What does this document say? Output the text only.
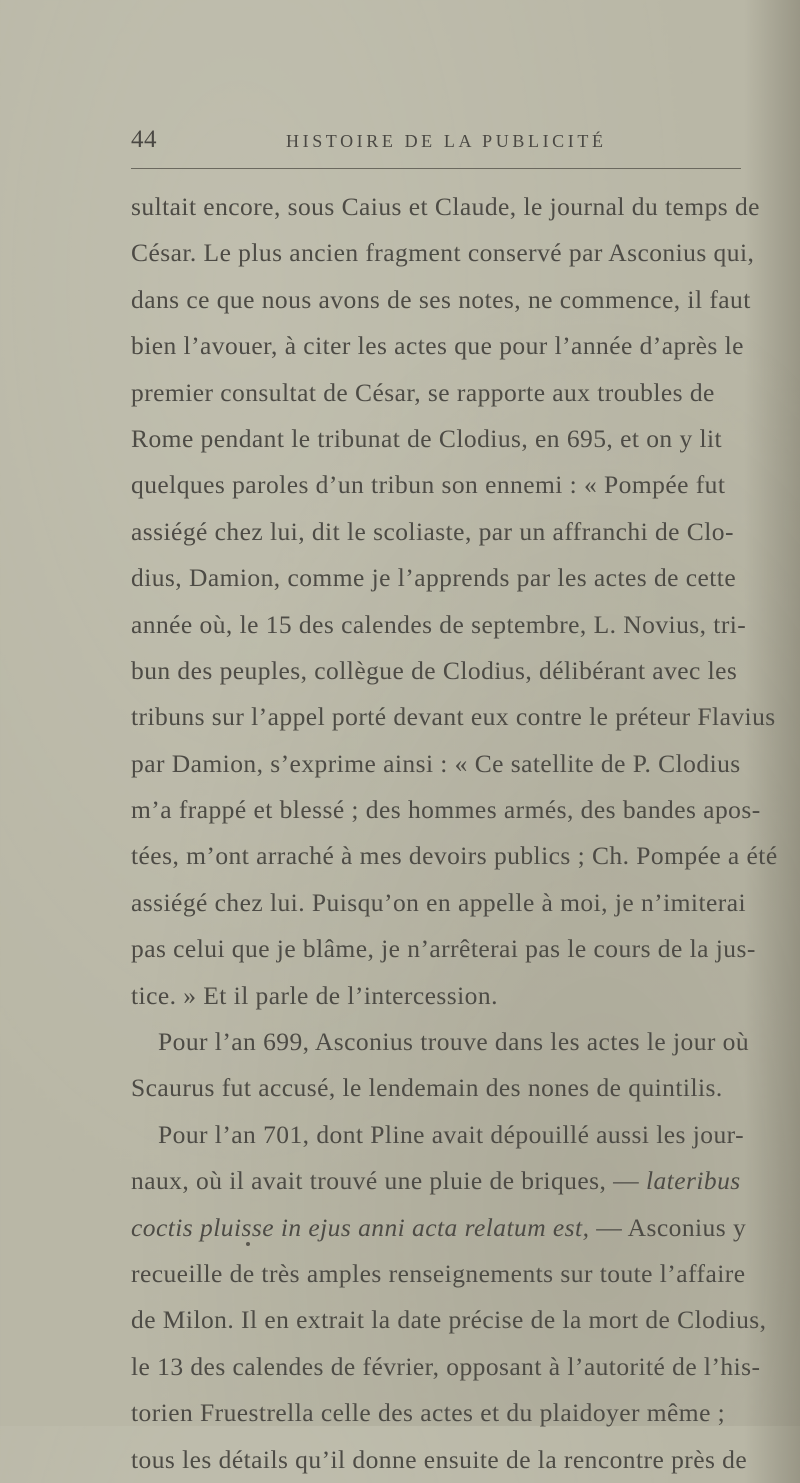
44	HISTOIRE DE LA PUBLICITÉ
sultait encore, sous Caius et Claude, le journal du temps de
César. Le plus ancien fragment conservé par Asconius qui,
dans ce que nous avons de ses notes, ne commence, il faut
bien l’avouer, à citer les actes que pour l’année d’après le
premier consultat de César, se rapporte aux troubles de
Rome pendant le tribunat de Clodius, en 695, et on y lit
quelques paroles d’un tribun son ennemi : « Pompée fut
assiégé chez lui, dit le scoliaste, par un affranchi de Clo-
dius, Damion, comme je l’apprends par les actes de cette
année où, le 15 des calendes de septembre, L. Novius, tri-
bun des peuples, collègue de Clodius, délibérant avec les
tribuns sur l’appel porté devant eux contre le préteur Flavius
par Damion, s’exprime ainsi : « Ce satellite de P. Clodius
m’a frappé et blessé ; des hommes armés, des bandes apos-
tées, m’ont arraché à mes devoirs publics ; Ch. Pompée a été
assiégé chez lui. Puisqu’on en appelle à moi, je n’imiterai
pas celui que je blâme, je n’arrêterai pas le cours de la jus-
tice. » Et il parle de l’intercession.
Pour l’an 699, Asconius trouve dans les actes le jour où
Scaurus fut accusé, le lendemain des nones de quintilis.
Pour l’an 701, dont Pline avait dépouillé aussi les jour-
naux, où il avait trouvé une pluie de briques, — lateribus
coctis pluisse in ejus anni acta relatum est, — Asconius y
recueille de très amples renseignements sur toute l’affaire
de Milon. Il en extrait la date précise de la mort de Clodius,
le 13 des calendes de février, opposant à l’autorité de l’his-
torien Fruestrella celle des actes et du plaidoyer même ;
tous les détails qu’il donne ensuite de la rencontre près de
